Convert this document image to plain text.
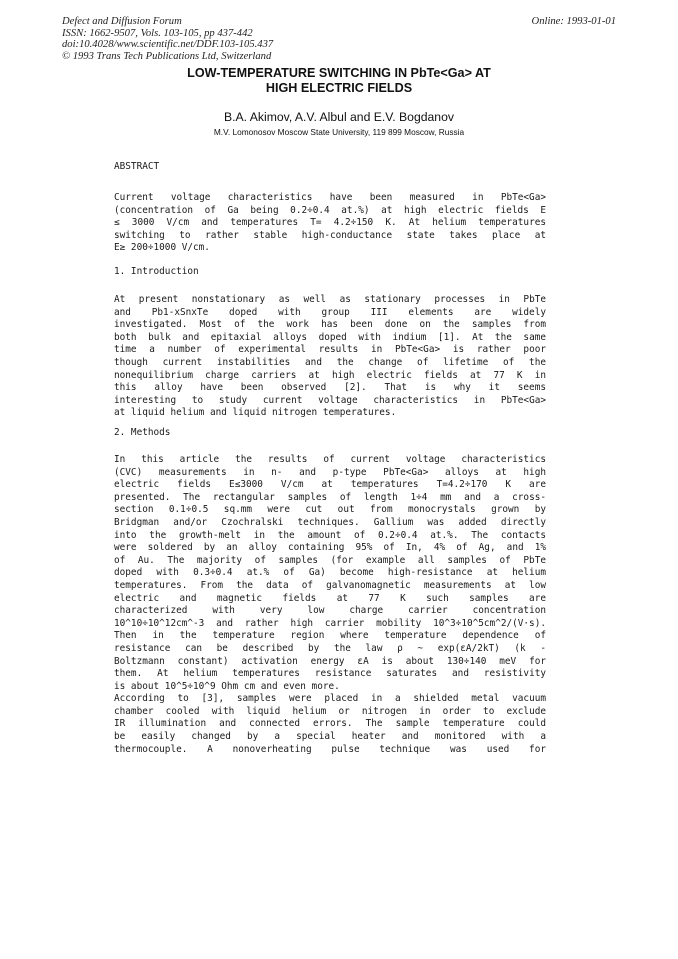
Defect and Diffusion Forum
ISSN: 1662-9507, Vols. 103-105, pp 437-442
doi:10.4028/www.scientific.net/DDF.103-105.437
© 1993 Trans Tech Publications Ltd, Switzerland
Online: 1993-01-01
LOW-TEMPERATURE SWITCHING IN PbTe<Ga> AT
HIGH ELECTRIC FIELDS
B.A. Akimov, A.V. Albul and E.V. Bogdanov
M.V. Lomonosov Moscow State University, 119 899 Moscow, Russia
ABSTRACT
Current voltage characteristics have been measured in PbTe<Ga>
(concentration of Ga being 0.2÷0.4 at.%) at high electric fields E
≤ 3000 V/cm and temperatures T= 4.2÷150 K. At helium temperatures
switching to rather stable high-conductance state takes place at
E≥ 200÷1000 V/cm.
1. Introduction
At present nonstationary as well as stationary processes in PbTe
and Pb1-xSnxTe doped with group III elements are widely
investigated. Most of the work has been done on the samples from
both bulk and epitaxial alloys doped with indium [1]. At the same
time a number of experimental results in PbTe<Ga> is rather poor
though current instabilities and the change of lifetime of the
nonequilibrium charge carriers at high electric fields at 77 K in
this alloy have been observed [2]. That is why it seems
interesting to study current voltage characteristics in PbTe<Ga>
at liquid helium and liquid nitrogen temperatures.
2. Methods
In this article the results of current voltage characteristics
(CVC) measurements in n- and p-type PbTe<Ga> alloys at high
electric fields E≤3000 V/cm at temperatures T=4.2÷170 K are
presented. The rectangular samples of length 1÷4 mm and a cross-
section 0.1÷0.5 sq.mm were cut out from monocrystals grown by
Bridgman and/or Czochralski techniques. Gallium was added directly
into the growth-melt in the amount of 0.2÷0.4 at.%. The contacts
were soldered by an alloy containing 95% of In, 4% of Ag, and 1%
of Au. The majority of samples (for example all samples of PbTe
doped with 0.3÷0.4 at.% of Ga) become high-resistance at helium
temperatures. From the data of galvanomagnetic measurements at low
electric and magnetic fields at 77 K such samples are
characterized with very low charge carrier concentration
10^10÷10^12cm^-3 and rather high carrier mobility 10^3÷10^5cm^2/(V·s).
Then in the temperature region where temperature dependence of
resistance can be described by the law ρ ~ exp(εA/2kT) (k -
Boltzmann constant) activation energy εA is about 130÷140 meV for
them. At helium temperatures resistance saturates and resistivity
is about 10^5÷10^9 Ohm cm and even more.
According to [3], samples were placed in a shielded metal vacuum
chamber cooled with liquid helium or nitrogen in order to exclude
IR illumination and connected errors. The sample temperature could
be easily changed by a special heater and monitored with a
thermocouple. A nonoverheating pulse technique was used for
